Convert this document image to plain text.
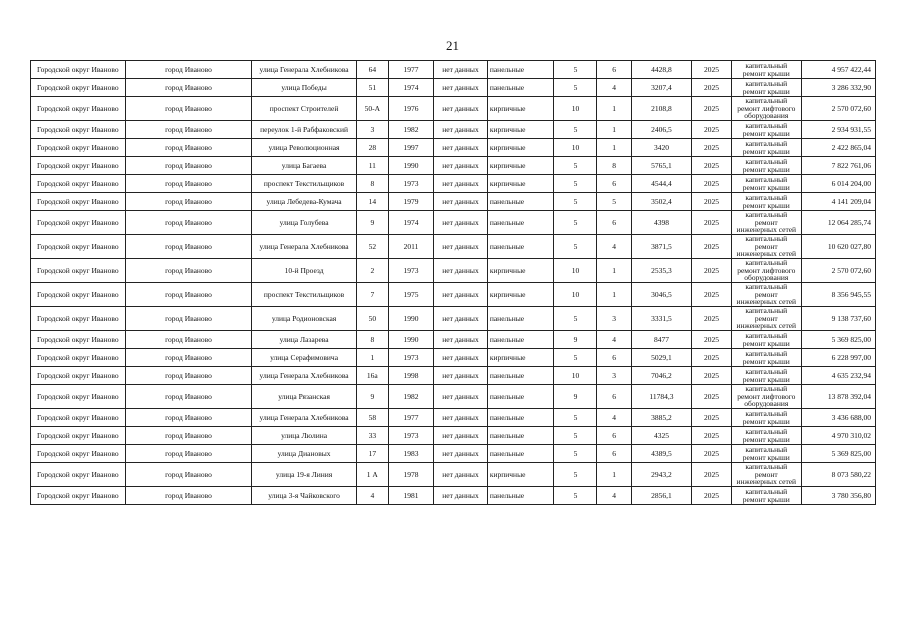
21
Городской округ Иваново	город Иваново	улица Генерала Хлебникова	64	1977	нет данных	панельные	5	6	4428,8	2025	капитальный ремонт крыши	4 957 422,44
Городской округ Иваново	город Иваново	улица Победы	51	1974	нет данных	панельные	5	4	3207,4	2025	капитальный ремонт крыши	3 286 332,90
Городской округ Иваново	город Иваново	проспект Строителей	50-А	1976	нет данных	кирпичные	10	1	2108,8	2025	капитальный ремонт лифтового оборудования	2 570 072,60
Городской округ Иваново	город Иваново	переулок 1-й Рабфаковский	3	1982	нет данных	кирпичные	5	1	2406,5	2025	капитальный ремонт крыши	2 934 931,55
Городской округ Иваново	город Иваново	улица Революционная	28	1997	нет данных	кирпичные	10	1	3420	2025	капитальный ремонт крыши	2 422 865,04
Городской округ Иваново	город Иваново	улица Багаева	11	1990	нет данных	кирпичные	5	8	5765,1	2025	капитальный ремонт крыши	7 822 761,06
Городской округ Иваново	город Иваново	проспект Текстильщиков	8	1973	нет данных	кирпичные	5	6	4544,4	2025	капитальный ремонт крыши	6 014 204,00
Городской округ Иваново	город Иваново	улица Лебедева-Кумача	14	1979	нет данных	панельные	5	5	3502,4	2025	капитальный ремонт крыши	4 141 209,04
Городской округ Иваново	город Иваново	улица Голубева	9	1974	нет данных	панельные	5	6	4398	2025	капитальный ремонт инженерных сетей	12 064 285,74
Городской округ Иваново	город Иваново	улица Генерала Хлебникова	52	2011	нет данных	панельные	5	4	3871,5	2025	капитальный ремонт инженерных сетей	10 620 027,80
Городской округ Иваново	город Иваново	10-й Проезд	2	1973	нет данных	кирпичные	10	1	2535,3	2025	капитальный ремонт лифтового оборудования	2 570 072,60
Городской округ Иваново	город Иваново	проспект Текстильщиков	7	1975	нет данных	кирпичные	10	1	3046,5	2025	капитальный ремонт инженерных сетей	8 356 945,55
Городской округ Иваново	город Иваново	улица Родионовская	50	1990	нет данных	панельные	5	3	3331,5	2025	капитальный ремонт инженерных сетей	9 138 737,60
Городской округ Иваново	город Иваново	улица Лазарева	8	1990	нет данных	панельные	9	4	8477	2025	капитальный ремонт крыши	5 369 825,00
Городской округ Иваново	город Иваново	улица Серафимовича	1	1973	нет данных	кирпичные	5	6	5029,1	2025	капитальный ремонт крыши	6 228 997,00
Городской округ Иваново	город Иваново	улица Генерала Хлебникова	16а	1998	нет данных	панельные	10	3	7046,2	2025	капитальный ремонт крыши	4 635 232,94
Городской округ Иваново	город Иваново	улица Рязанская	9	1982	нет данных	панельные	9	6	11784,3	2025	капитальный ремонт лифтового оборудования	13 878 392,04
Городской округ Иваново	город Иваново	улица Генерала Хлебникова	58	1977	нет данных	панельные	5	4	3885,2	2025	капитальный ремонт крыши	3 436 688,00
Городской округ Иваново	город Иваново	улица Люлина	33	1973	нет данных	панельные	5	6	4325	2025	капитальный ремонт крыши	4 970 310,02
Городской округ Иваново	город Иваново	улица Диановых	17	1983	нет данных	панельные	5	6	4389,5	2025	капитальный ремонт крыши	5 369 825,00
Городской округ Иваново	город Иваново	улица 19-я Линия	1 А	1978	нет данных	кирпичные	5	1	2943,2	2025	капитальный ремонт инженерных сетей	8 073 580,22
Городской округ Иваново	город Иваново	улица 3-я Чайковского	4	1981	нет данных	панельные	5	4	2856,1	2025	капитальный ремонт крыши	3 780 356,80
